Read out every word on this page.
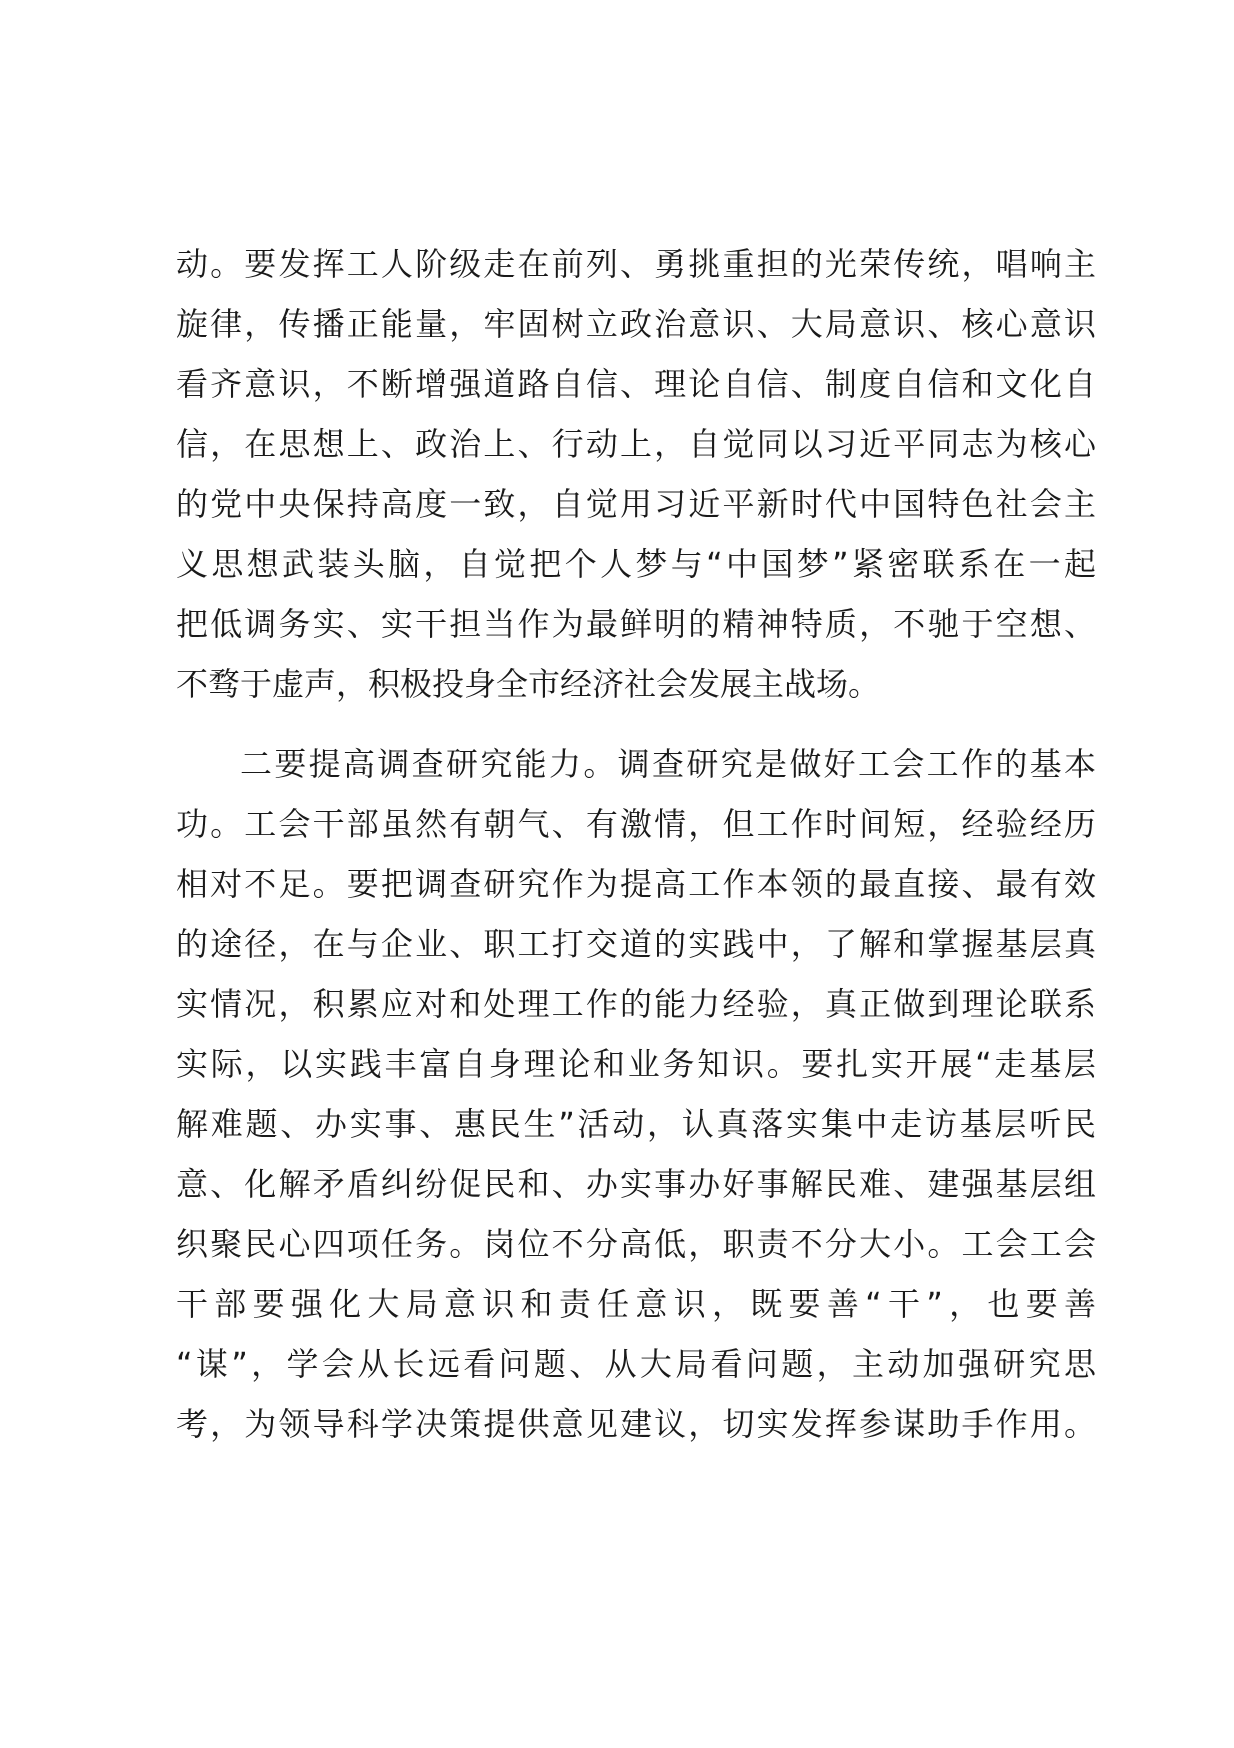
动。要发挥工人阶级走在前列、勇挑重担的光荣传统，唱响主
旋律，传播正能量，牢固树立政治意识、大局意识、核心意识
看齐意识，不断增强道路自信、理论自信、制度自信和文化自
信，在思想上、政治上、行动上，自觉同以习近平同志为核心
的党中央保持高度一致，自觉用习近平新时代中国特色社会主
义思想武装头脑，自觉把个人梦与“中国梦”紧密联系在一起
把低调务实、实干担当作为最鲜明的精神特质，不驰于空想、
不骛于虚声，积极投身全市经济社会发展主战场。
二要提高调查研究能力。调查研究是做好工会工作的基本
功。工会干部虽然有朝气、有激情，但工作时间短，经验经历
相对不足。要把调查研究作为提高工作本领的最直接、最有效
的途径，在与企业、职工打交道的实践中，了解和掌握基层真
实情况，积累应对和处理工作的能力经验，真正做到理论联系
实际，以实践丰富自身理论和业务知识。要扎实开展“走基层
解难题、办实事、惠民生”活动，认真落实集中走访基层听民
意、化解矛盾纠纷促民和、办实事办好事解民难、建强基层组
织聚民心四项任务。岗位不分高低，职责不分大小。工会工会
干部要强化大局意识和责任意识，既要善“干”，也要善
“谋”，学会从长远看问题、从大局看问题，主动加强研究思
考，为领导科学决策提供意见建议，切实发挥参谋助手作用。
